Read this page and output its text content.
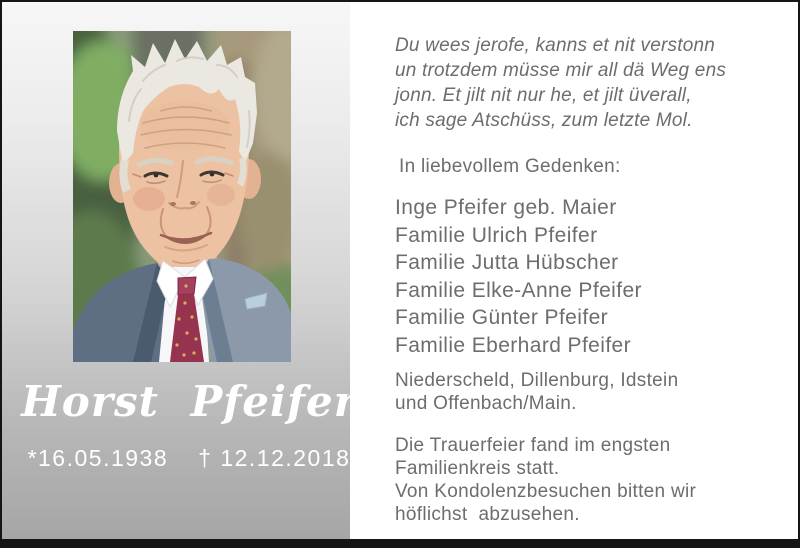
Horst Pfeifer
*16.05.1938 † 12.12.2018
Du wees jerofe, kanns et nit verstonn
un trotzdem müsse mir all dä Weg ens
jonn. Et jilt nit nur he, et jilt üverall,
ich sage Atschüss, zum letzte Mol.
In liebevollem Gedenken:
Inge Pfeifer geb. Maier
Familie Ulrich Pfeifer
Familie Jutta Hübscher
Familie Elke-Anne Pfeifer
Familie Günter Pfeifer
Familie Eberhard Pfeifer
Niederscheld, Dillenburg, Idstein
und Offenbach/Main.
Die Trauerfeier fand im engsten
Familienkreis statt.
Von Kondolenzbesuchen bitten wir
höflichst  abzusehen.
